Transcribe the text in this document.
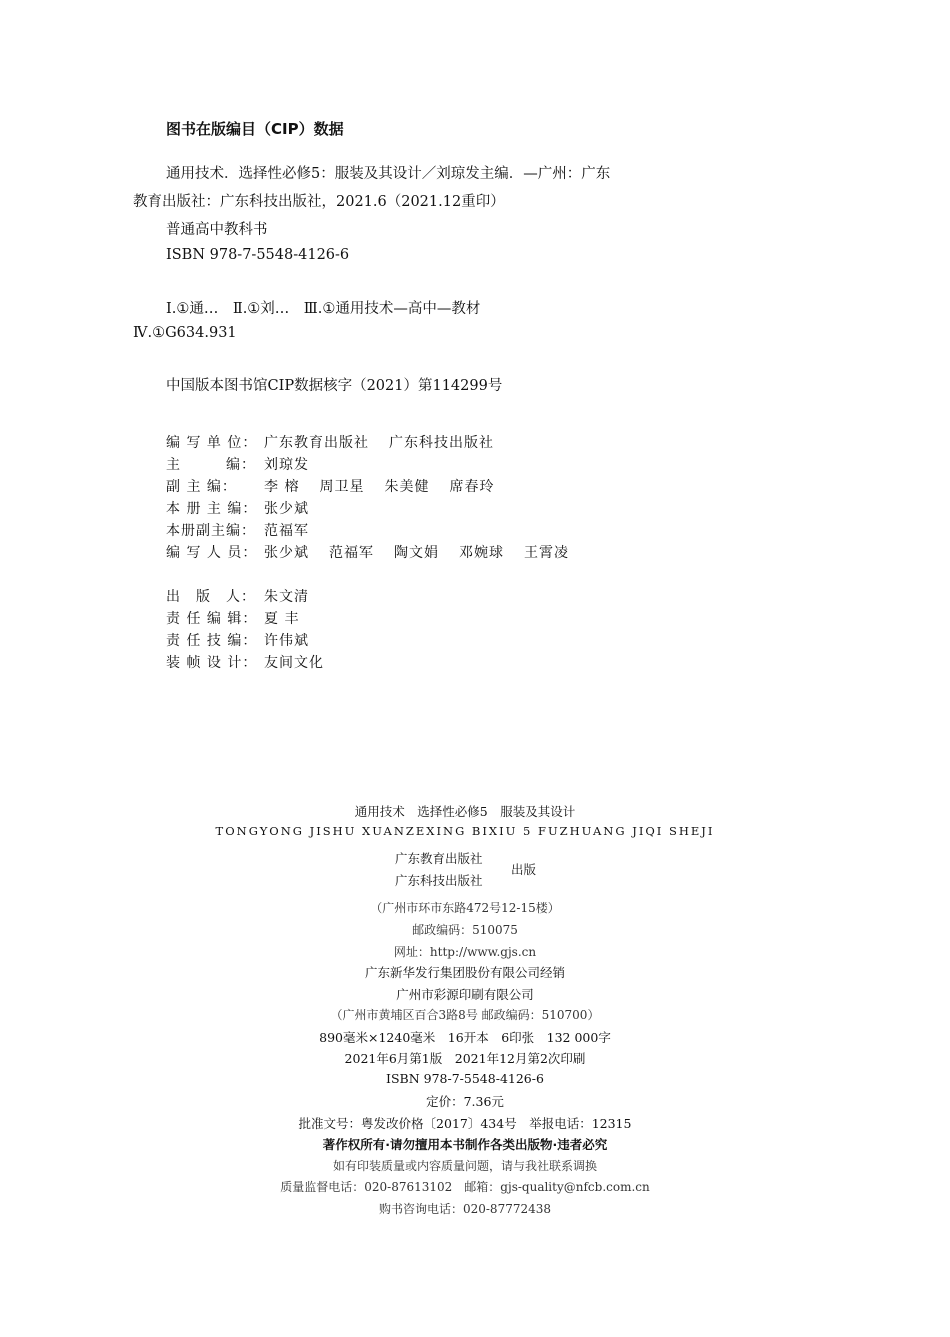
图书在版编目（CIP）数据
通用技术．选择性必修5：服装及其设计／刘琼发主编．—广州：广东
教育出版社：广东科技出版社，2021.6（2021.12重印）
普通高中教科书
ISBN 978-7-5548-4126-6
Ⅰ.①通…　Ⅱ.①刘…　Ⅲ.①通用技术—高中—教材
Ⅳ.①G634.931
中国版本图书馆CIP数据核字（2021）第114299号
编 写 单 位： 广东教育出版社 广东科技出版社
主　　　编： 刘琼发
副 主 编： 李 榕 周卫星 朱美健 席春玲
本 册 主 编： 张少斌
本册副主编： 范福军
编 写 人 员： 张少斌 范福军 陶文娟 邓婉球 王霄凌
出　版　人： 朱文清
责 任 编 辑： 夏 丰
责 任 技 编： 许伟斌
装 帧 设 计： 友间文化
通用技术　选择性必修5　服装及其设计
TONGYONG JISHU XUANZEXING BIXIU 5 FUZHUANG JIQI SHEJI
广东教育出版社
广东科技出版社
出版
（广州市环市东路472号12-15楼）
邮政编码：510075
网址：http://www.gjs.cn
广东新华发行集团股份有限公司经销
广州市彩源印刷有限公司
（广州市黄埔区百合3路8号 邮政编码：510700）
890毫米×1240毫米　16开本　6印张　132 000字
2021年6月第1版　2021年12月第2次印刷
ISBN 978-7-5548-4126-6
定价：7.36元
批准文号：粤发改价格〔2017〕434号　举报电话：12315
著作权所有·请勿擅用本书制作各类出版物·违者必究
如有印装质量或内容质量问题，请与我社联系调换
质量监督电话：020-87613102　邮箱：gjs-quality@nfcb.com.cn
购书咨询电话：020-87772438
